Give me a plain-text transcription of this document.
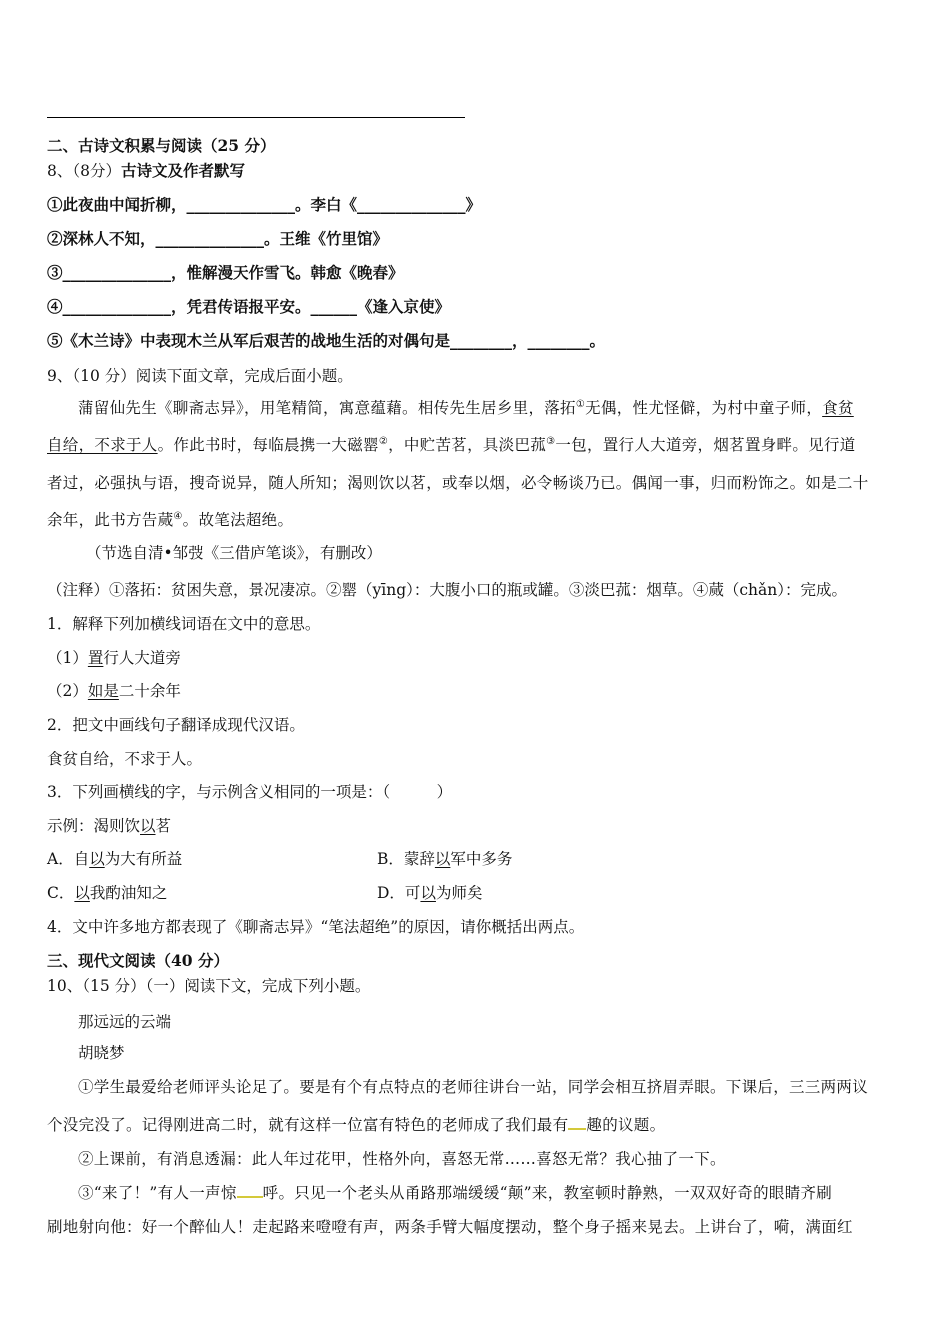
二、古诗文积累与阅读（25 分）
8、（8分）古诗文及作者默写
①此夜曲中闻折柳，______________。李白《______________》
②深林人不知，______________。王维《竹里馆》
③______________，惟解漫天作雪飞。韩愈《晚春》
④______________，凭君传语报平安。______《逢入京使》
⑤《木兰诗》中表现木兰从军后艰苦的战地生活的对偶句是________，________。
9、（10 分）阅读下面文章，完成后面小题。
蒲留仙先生《聊斋志异》，用笔精简，寓意蕴藉。相传先生居乡里，落拓①无偶，性尤怪僻，为村中童子师，食贫
自给，不求于人。作此书时，每临晨携一大磁罂②，中贮苦茗，具淡巴菰③一包，置行人大道旁，烟茗置身畔。见行道
者过，必强执与语，搜奇说异，随人所知；渴则饮以茗，或奉以烟，必令畅谈乃已。偶闻一事，归而粉饰之。如是二十
余年，此书方告蒇④。故笔法超绝。
（节选自清•邹弢《三借庐笔谈》，有删改）
（注释）①落拓：贫困失意，景况凄凉。②罂（yīng）：大腹小口的瓶或罐。③淡巴菰：烟草。④蒇（chǎn）：完成。
1．解释下列加横线词语在文中的意思。
（1）置行人大道旁
（2）如是二十余年
2．把文中画线句子翻译成现代汉语。
食贫自给，不求于人。
3．下列画横线的字，与示例含义相同的一项是：（　　　）
示例：渴则饮以茗
A．自以为大有所益	B．蒙辞以军中多务
C．以我酌油知之	D．可以为师矣
4．文中许多地方都表现了《聊斋志异》“笔法超绝”的原因，请你概括出两点。
三、现代文阅读（40 分）
10、（15 分）（一）阅读下文，完成下列小题。
那远远的云端
胡晓梦
①学生最爱给老师评头论足了。要是有个有点特点的老师往讲台一站，同学会相互挤眉弄眼。下课后，三三两两议
个没完没了。记得刚进高二时，就有这样一位富有特色的老师成了我们最有 趣的议题。
②上课前，有消息透漏：此人年过花甲，性格外向，喜怒无常……喜怒无常？我心抽了一下。
③“来了！”有人一声惊 呼。只见一个老头从甬路那端缓缓“颠”来，教室顿时静熟，一双双好奇的眼睛齐刷
刷地射向他：好一个醉仙人！走起路来噔噔有声，两条手臂大幅度摆动，整个身子摇来晃去。上讲台了，嗬，满面红
